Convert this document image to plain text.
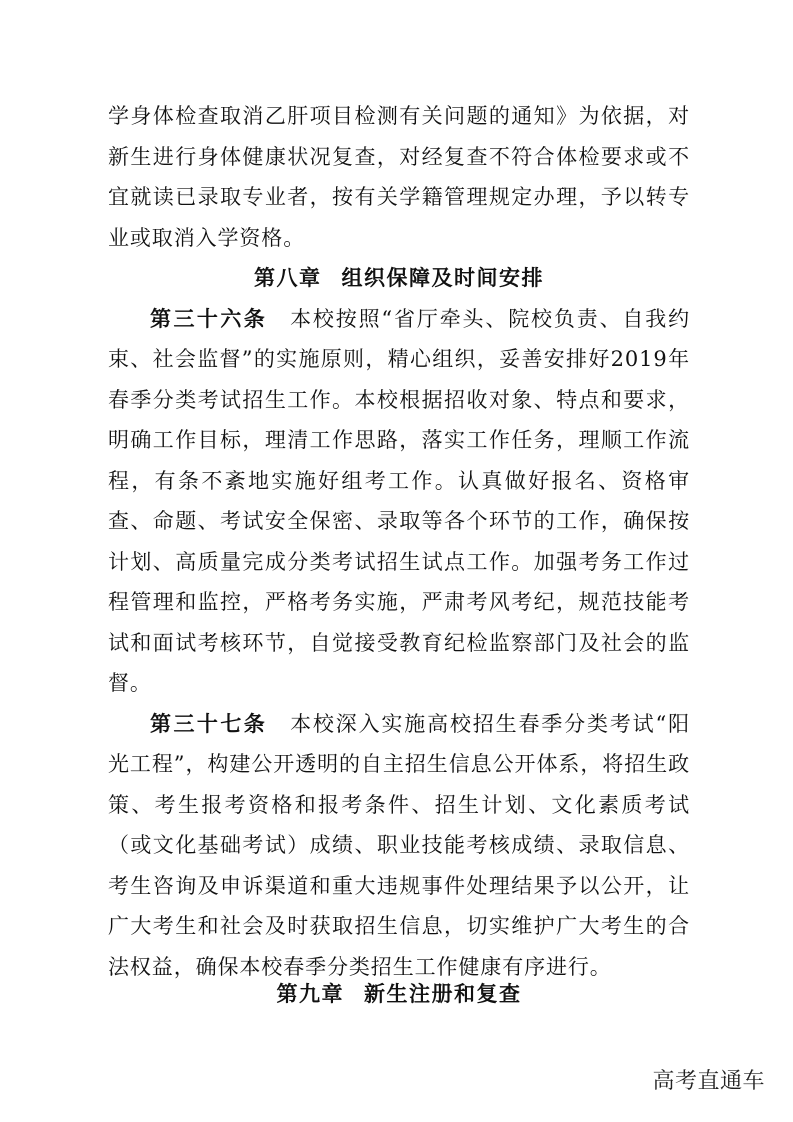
学身体检查取消乙肝项目检测有关问题的通知》为依据，对新生进行身体健康状况复查，对经复查不符合体检要求或不宜就读已录取专业者，按有关学籍管理规定办理，予以转专业或取消入学资格。

第八章 组织保障及时间安排

第三十六条　 本校按照“省厅牵头、院校负责、自我约束、社会监督”的实施原则，精心组织，妥善安排好2019年春季分类考试招生工作。本校根据招收对象、特点和要求，明确工作目标，理清工作思路，落实工作任务，理顺工作流程，有条不紊地实施好组考工作。认真做好报名、资格审查、命题、考试安全保密、录取等各个环节的工作，确保按计划、高质量完成分类考试招生试点工作。加强考务工作过程管理和监控，严格考务实施，严肃考风考纪，规范技能考试和面试考核环节，自觉接受教育纪检监察部门及社会的监督。

第三十七条　 本校深入实施高校招生春季分类考试“阳光工程”，构建公开透明的自主招生信息公开体系，将招生政策、考生报考资格和报考条件、招生计划、文化素质考试（或文化基础考试）成绩、职业技能考核成绩、录取信息、考生咨询及申诉渠道和重大违规事件处理结果予以公开，让广大考生和社会及时获取招生信息，切实维护广大考生的合法权益，确保本校春季分类招生工作健康有序进行。

第九章 新生注册和复查

高考直通车
